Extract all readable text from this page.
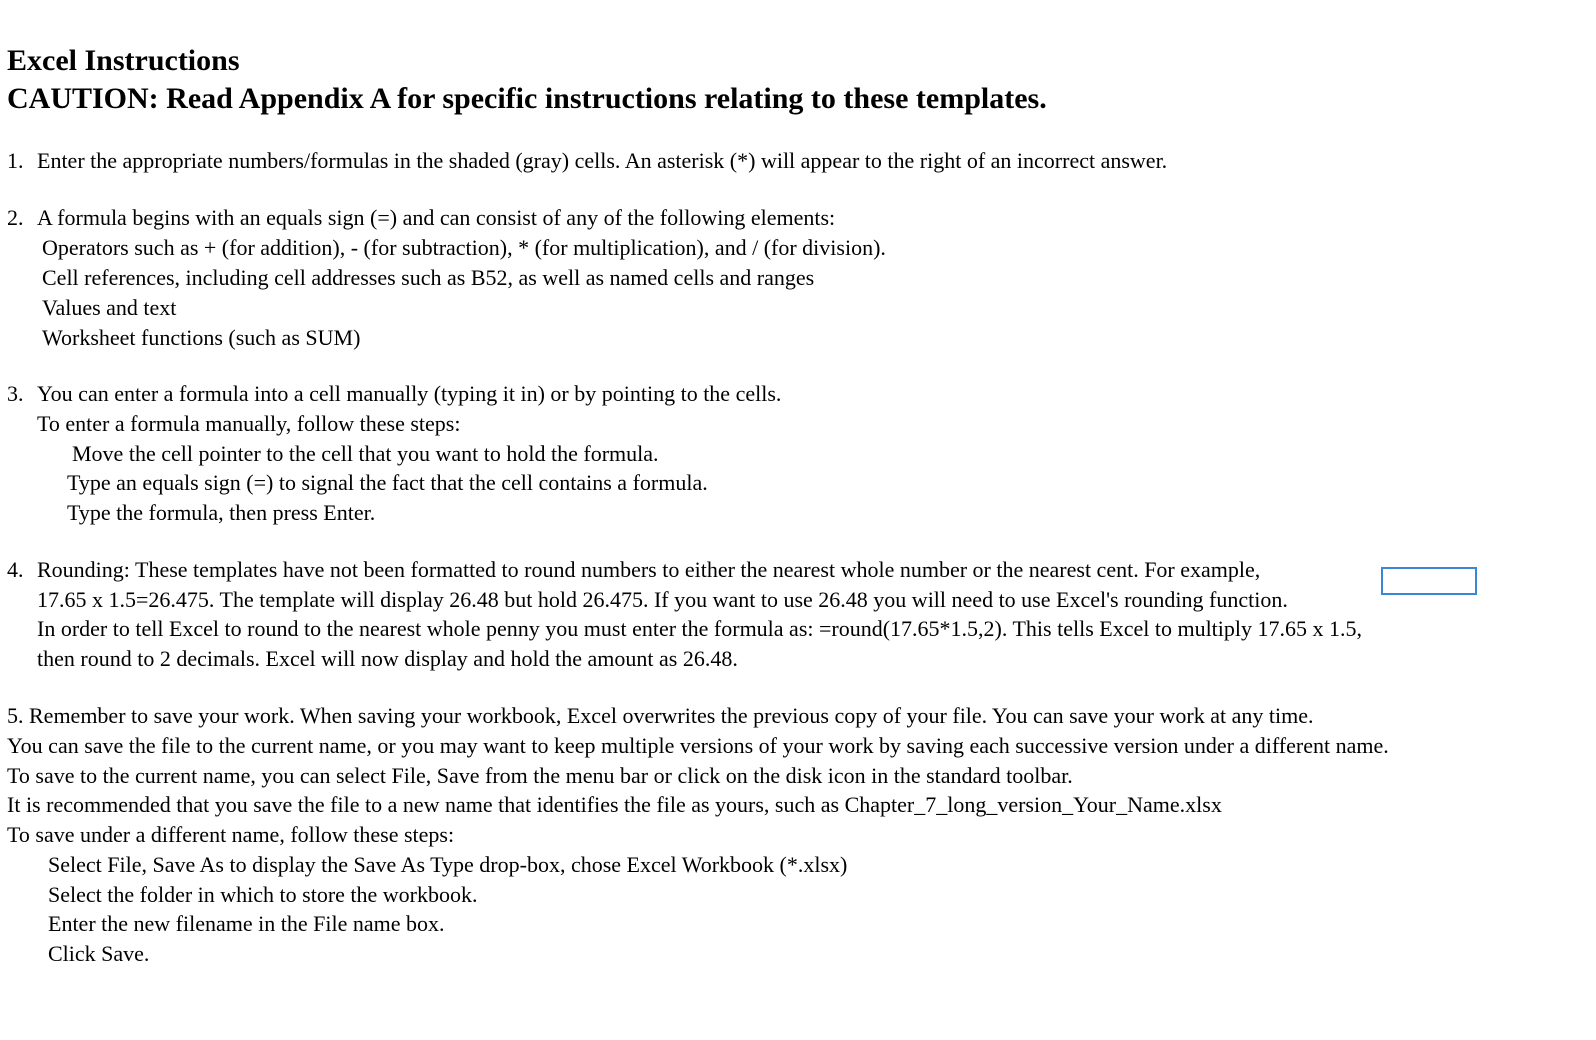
Excel Instructions
CAUTION: Read Appendix A for specific instructions relating to these templates.
1. Enter the appropriate numbers/formulas in the shaded (gray) cells. An asterisk (*) will appear to the right of an incorrect answer.
2. A formula begins with an equals sign (=) and can consist of any of the following elements:
Operators such as + (for addition), - (for subtraction), * (for multiplication), and / (for division).
Cell references, including cell addresses such as B52, as well as named cells and ranges
Values and text
Worksheet functions (such as SUM)
3. You can enter a formula into a cell manually (typing it in) or by pointing to the cells.
To enter a formula manually, follow these steps:
Move the cell pointer to the cell that you want to hold the formula.
Type an equals sign (=) to signal the fact that the cell contains a formula.
Type the formula, then press Enter.
4. Rounding: These templates have not been formatted to round numbers to either the nearest whole number or the nearest cent. For example,
17.65 x 1.5=26.475. The template will display 26.48 but hold 26.475. If you want to use 26.48 you will need to use Excel's rounding function.
In order to tell Excel to round to the nearest whole penny you must enter the formula as: =round(17.65*1.5,2). This tells Excel to multiply 17.65 x 1.5,
then round to 2 decimals. Excel will now display and hold the amount as 26.48.
5. Remember to save your work. When saving your workbook, Excel overwrites the previous copy of your file. You can save your work at any time.
You can save the file to the current name, or you may want to keep multiple versions of your work by saving each successive version under a different name.
To save to the current name, you can select File, Save from the menu bar or click on the disk icon in the standard toolbar.
It is recommended that you save the file to a new name that identifies the file as yours, such as Chapter_7_long_version_Your_Name.xlsx
To save under a different name, follow these steps:
Select File, Save As to display the Save As Type drop-box, chose Excel Workbook (*.xlsx)
Select the folder in which to store the workbook.
Enter the new filename in the File name box.
Click Save.
